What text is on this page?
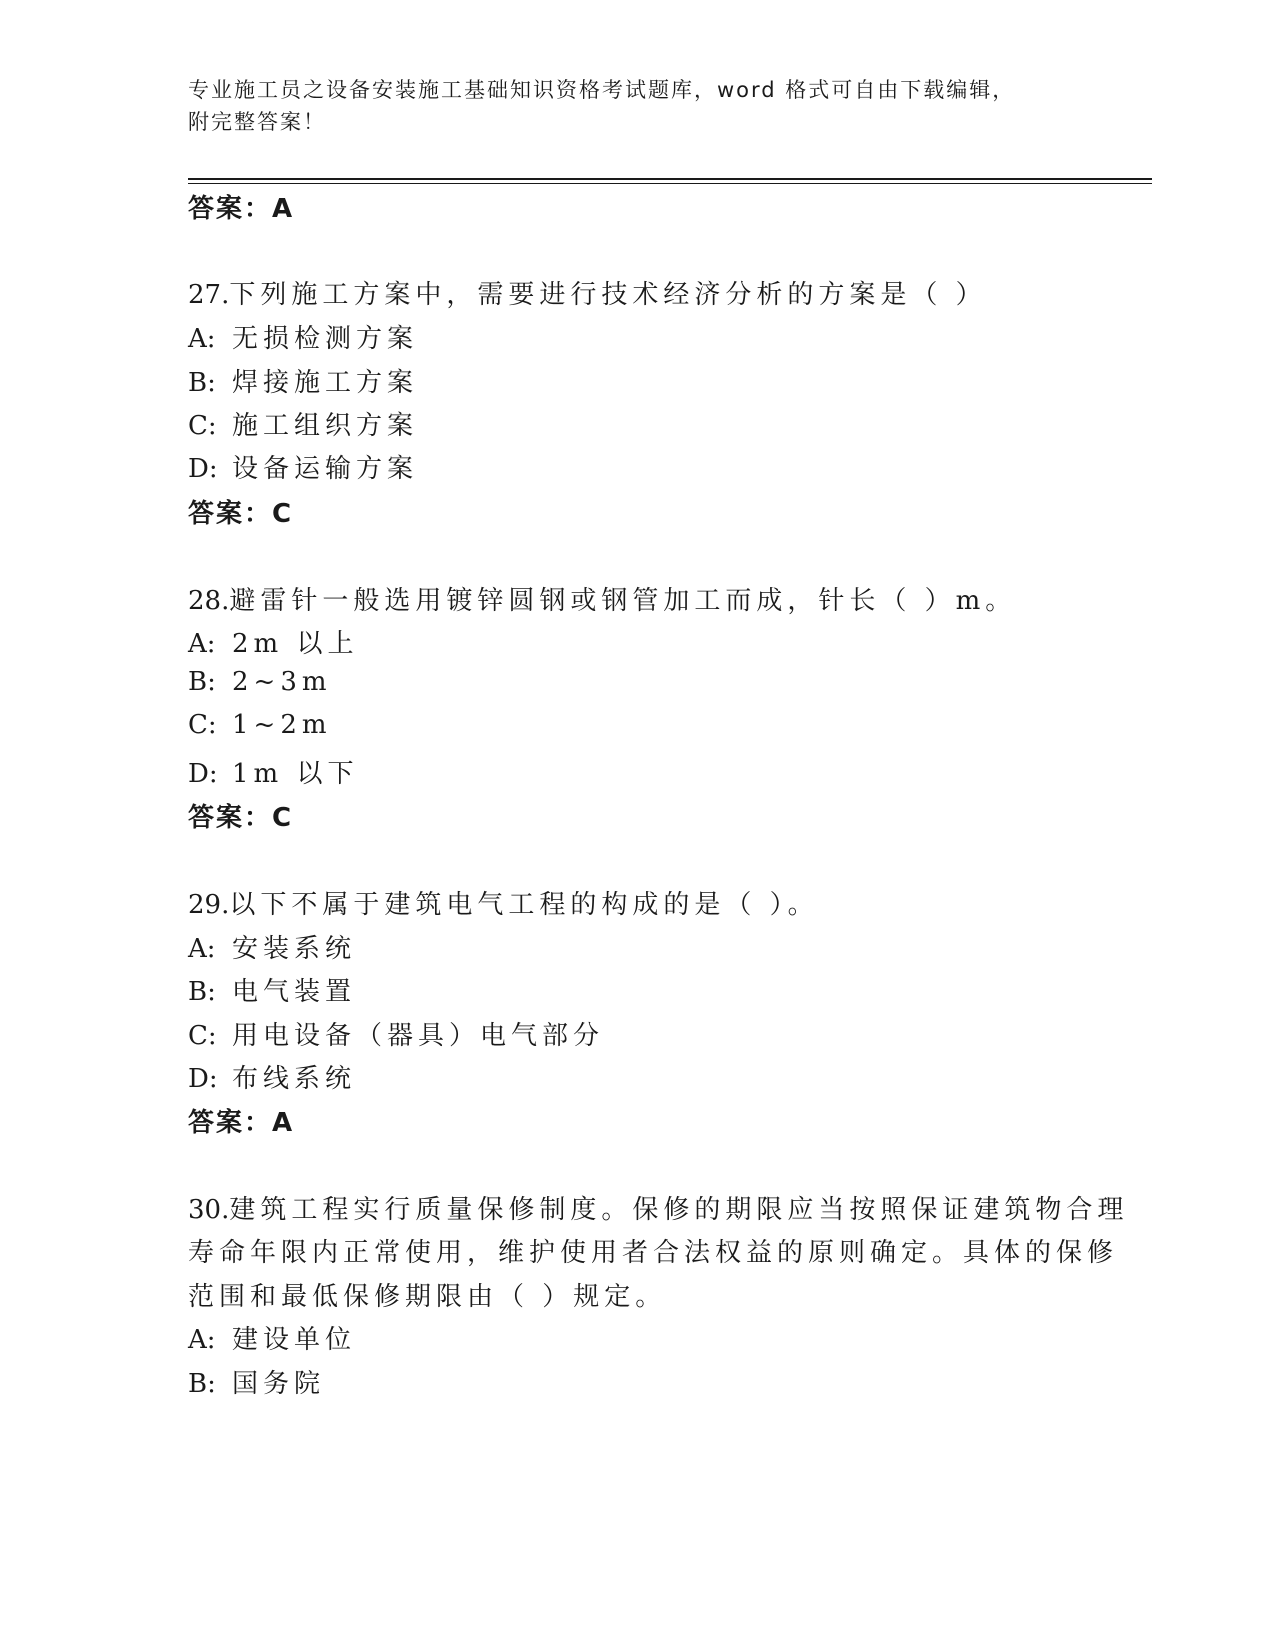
专业施工员之设备安装施工基础知识资格考试题库，word 格式可自由下载编辑，
附完整答案！
答案：A
27.下列施工方案中，需要进行技术经济分析的方案是（ ）
A: 无损检测方案
B: 焊接施工方案
C: 施工组织方案
D: 设备运输方案
答案：C
28.避雷针一般选用镀锌圆钢或钢管加工而成，针长（ ）m。
A: 2m 以上
B: 2~3m
C: 1~2m
D: 1m 以下
答案：C
29.以下不属于建筑电气工程的构成的是（ ）。
A: 安装系统
B: 电气装置
C: 用电设备（器具）电气部分
D: 布线系统
答案：A
30.建筑工程实行质量保修制度。保修的期限应当按照保证建筑物合理
寿命年限内正常使用，维护使用者合法权益的原则确定。具体的保修
范围和最低保修期限由（ ）规定。
A: 建设单位
B: 国务院
